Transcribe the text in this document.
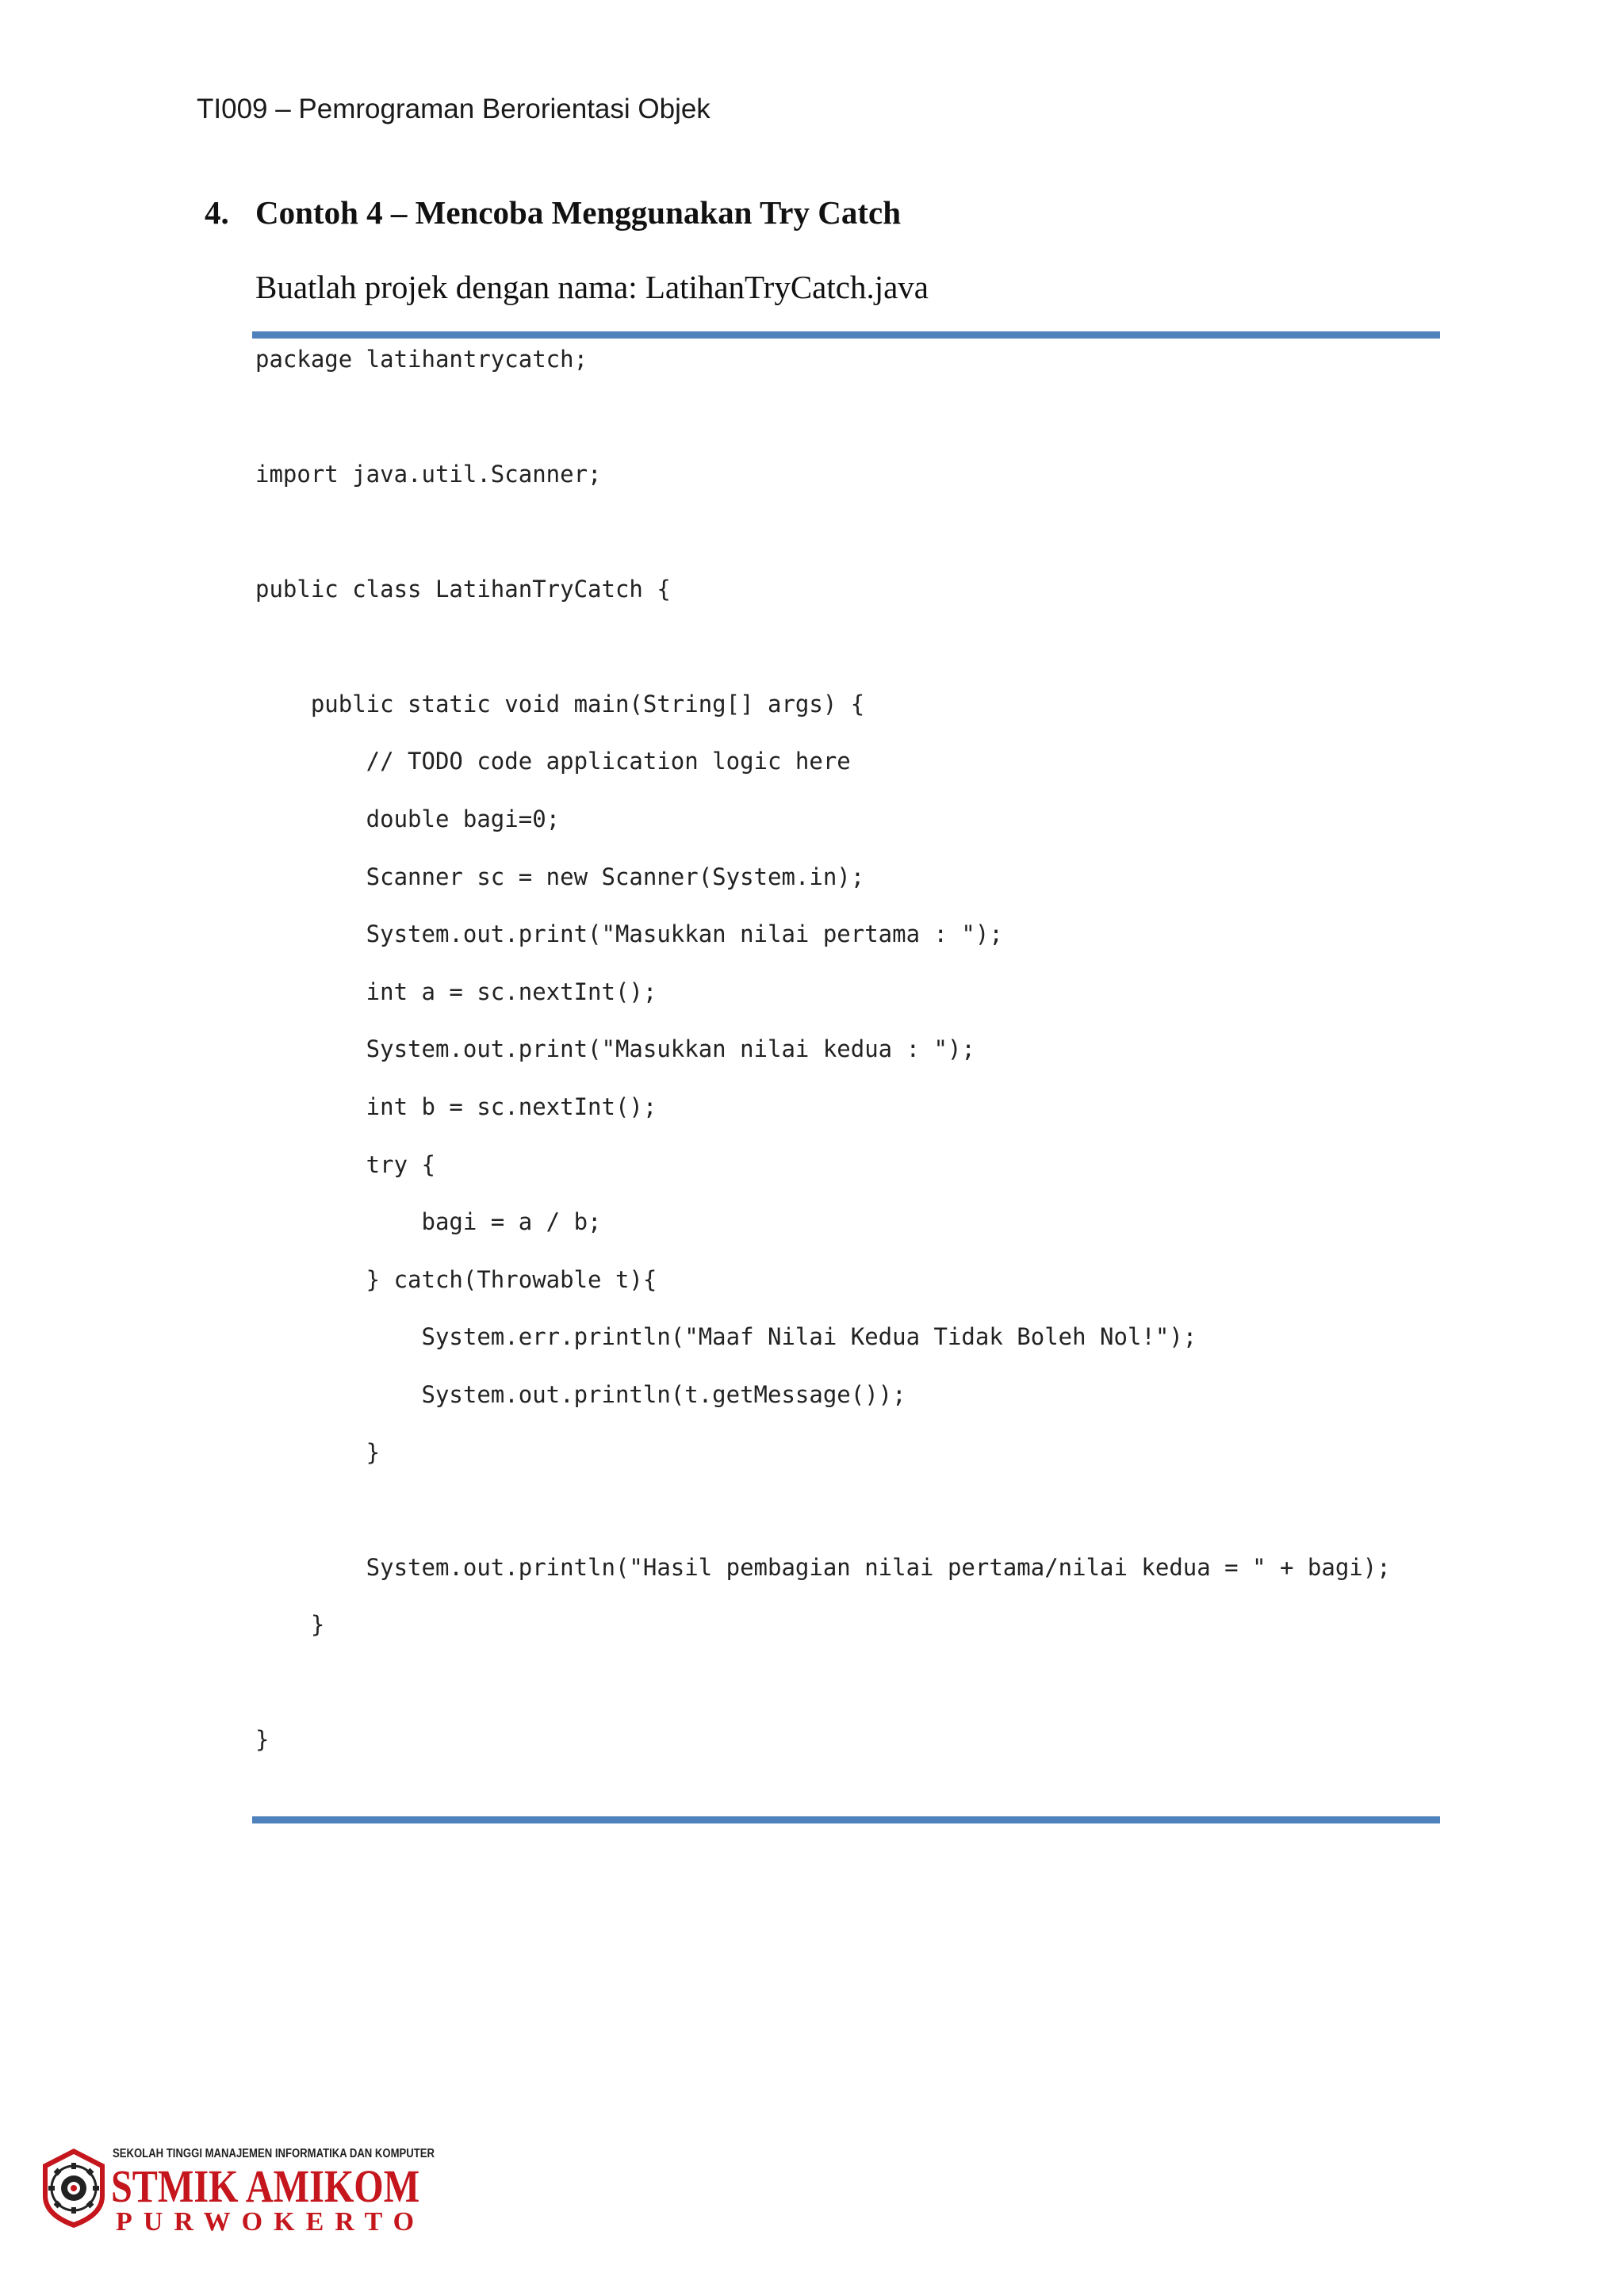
TI009 – Pemrograman Berorientasi Objek
4. Contoh 4 – Mencoba Menggunakan Try Catch
Buatlah projek dengan nama: LatihanTryCatch.java
package latihantrycatch;
import java.util.Scanner;
public class LatihanTryCatch {
public static void main(String[] args) {
// TODO code application logic here
double bagi=0;
Scanner sc = new Scanner(System.in);
System.out.print("Masukkan nilai pertama : ");
int a = sc.nextInt();
System.out.print("Masukkan nilai kedua : ");
int b = sc.nextInt();
try {
bagi = a / b;
} catch(Throwable t){
System.err.println("Maaf Nilai Kedua Tidak Boleh Nol!");
System.out.println(t.getMessage());
}
System.out.println("Hasil pembagian nilai pertama/nilai kedua = " + bagi);
}
}
SEKOLAH TINGGI MANAJEMEN INFORMATIKA DAN KOMPUTER
STMIK AMIKOM
PURWOKERTO
